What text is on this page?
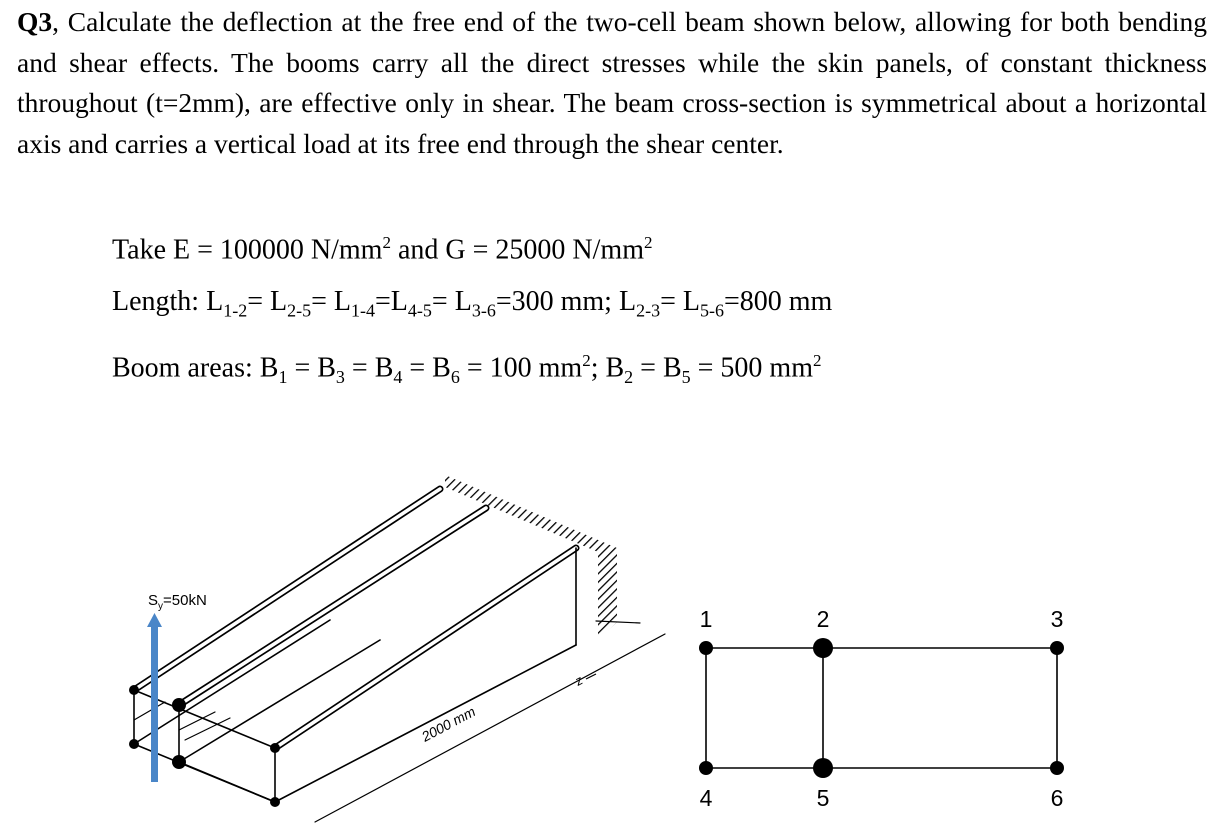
Q3, Calculate the deflection at the free end of the two-cell beam shown below, allowing for both bending and shear effects. The booms carry all the direct stresses while the skin panels, of constant thickness throughout (t=2mm), are effective only in shear. The beam cross-section is symmetrical about a horizontal axis and carries a vertical load at its free end through the shear center.
Take E = 100000 $N/mm^2$ and G = 25000 $N/mm^2$
Length: $L_{1-2}= L_{2-5}= L_{1-4}=L_{4-5}= L_{3-6}=300$ mm; $L_{2-3}= L_{5-6}=800$ mm
Boom areas: $B_1 = B_3 = B_4 = B_6 = 100$ $mm^2$; $B_2 = B_5 = 500$ $mm^2$
$S_y=50kN$
2000 mm
z
1	2	3
4	5	6
